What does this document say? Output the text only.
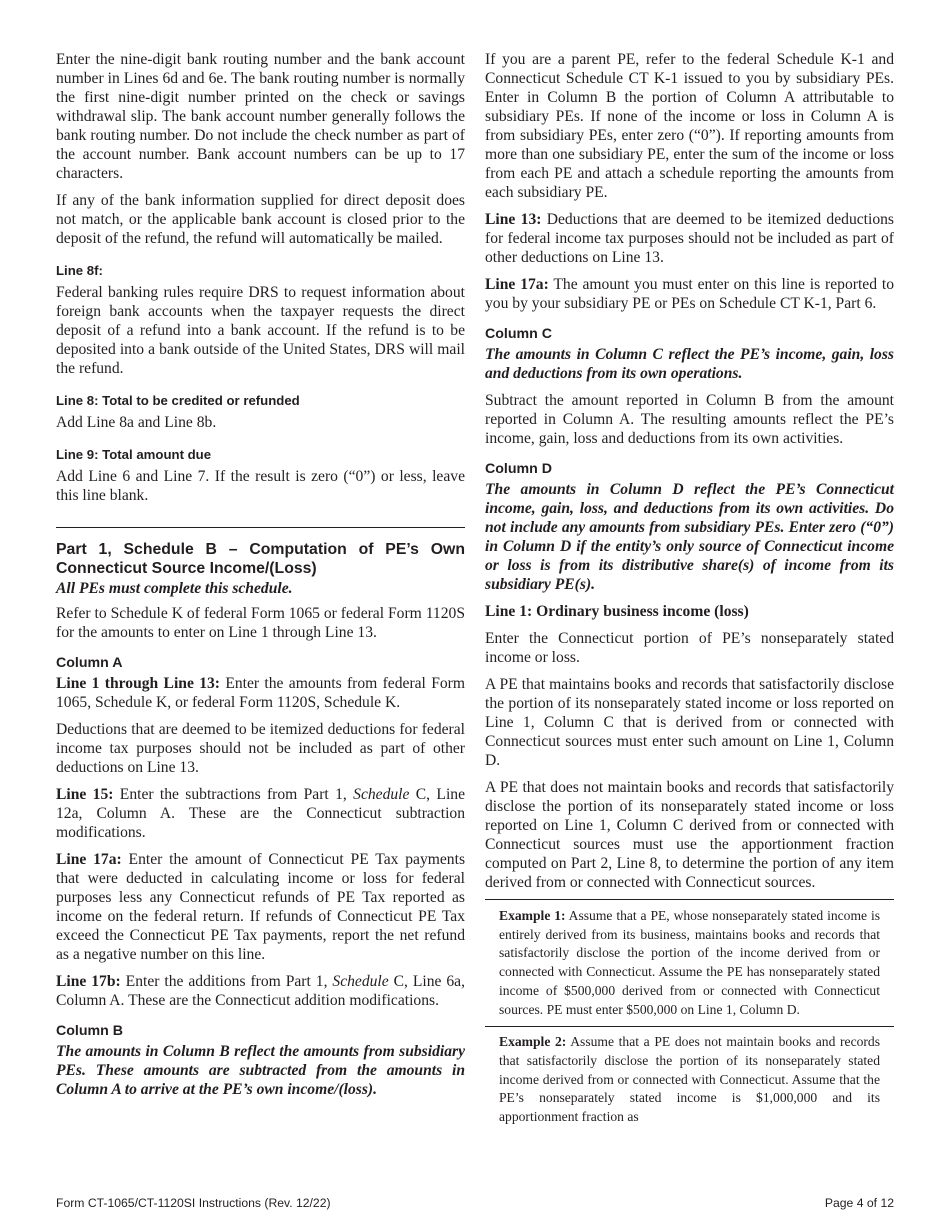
Enter the nine-digit bank routing number and the bank account number in Lines 6d and 6e. The bank routing number is normally the first nine-digit number printed on the check or savings withdrawal slip. The bank account number generally follows the bank routing number. Do not include the check number as part of the account number. Bank account numbers can be up to 17 characters.

If any of the bank information supplied for direct deposit does not match, or the applicable bank account is closed prior to the deposit of the refund, the refund will automatically be mailed.

Line 8f:

Federal banking rules require DRS to request information about foreign bank accounts when the taxpayer requests the direct deposit of a refund into a bank account. If the refund is to be deposited into a bank outside of the United States, DRS will mail the refund.

Line 8: Total to be credited or refunded

Add Line 8a and Line 8b.

Line 9: Total amount due

Add Line 6 and Line 7. If the result is zero (“0”) or less, leave this line blank.

Part 1, Schedule B – Computation of PE’s Own Connecticut Source Income/(Loss)

All PEs must complete this schedule.

Refer to Schedule K of federal Form 1065 or federal Form 1120S for the amounts to enter on Line 1 through Line 13.

Column A

Line 1 through Line 13: Enter the amounts from federal Form 1065, Schedule K, or federal Form 1120S, Schedule K.

Deductions that are deemed to be itemized deductions for federal income tax purposes should not be included as part of other deductions on Line 13.

Line 15: Enter the subtractions from Part 1, Schedule C, Line 12a, Column A. These are the Connecticut subtraction modifications.

Line 17a: Enter the amount of Connecticut PE Tax payments that were deducted in calculating income or loss for federal purposes less any Connecticut refunds of PE Tax reported as income on the federal return. If refunds of Connecticut PE Tax exceed the Connecticut PE Tax payments, report the net refund as a negative number on this line.

Line 17b: Enter the additions from Part 1, Schedule C, Line 6a, Column A. These are the Connecticut addition modifications.

Column B

The amounts in Column B reflect the amounts from subsidiary PEs. These amounts are subtracted from the amounts in Column A to arrive at the PE’s own income/(loss).

If you are a parent PE, refer to the federal Schedule K-1 and Connecticut Schedule CT K-1 issued to you by subsidiary PEs. Enter in Column B the portion of Column A attributable to subsidiary PEs. If none of the income or loss in Column A is from subsidiary PEs, enter zero (“0”). If reporting amounts from more than one subsidiary PE, enter the sum of the income or loss from each PE and attach a schedule reporting the amounts from each subsidiary PE.

Line 13: Deductions that are deemed to be itemized deductions for federal income tax purposes should not be included as part of other deductions on Line 13.

Line 17a: The amount you must enter on this line is reported to you by your subsidiary PE or PEs on Schedule CT K-1, Part 6.

Column C

The amounts in Column C reflect the PE’s income, gain, loss and deductions from its own operations.

Subtract the amount reported in Column B from the amount reported in Column A. The resulting amounts reflect the PE’s income, gain, loss and deductions from its own activities.

Column D

The amounts in Column D reflect the PE’s Connecticut income, gain, loss, and deductions from its own activities. Do not include any amounts from subsidiary PEs. Enter zero (“0”) in Column D if the entity’s only source of Connecticut income or loss is from its distributive share(s) of income from its subsidiary PE(s).

Line 1: Ordinary business income (loss)

Enter the Connecticut portion of PE’s nonseparately stated income or loss.

A PE that maintains books and records that satisfactorily disclose the portion of its nonseparately stated income or loss reported on Line 1, Column C that is derived from or connected with Connecticut sources must enter such amount on Line 1, Column D.

A PE that does not maintain books and records that satisfactorily disclose the portion of its nonseparately stated income or loss reported on Line 1, Column C derived from or connected with Connecticut sources must use the apportionment fraction computed on Part 2, Line 8, to determine the portion of any item derived from or connected with Connecticut sources.

Example 1: Assume that a PE, whose nonseparately stated income is entirely derived from its business, maintains books and records that satisfactorily disclose the portion of the income derived from or connected with Connecticut. Assume the PE has nonseparately stated income of $500,000 derived from or connected with Connecticut sources. PE must enter $500,000 on Line 1, Column D.

Example 2: Assume that a PE does not maintain books and records that satisfactorily disclose the portion of its nonseparately stated income derived from or connected with Connecticut. Assume that the PE’s nonseparately stated income is $1,000,000 and its apportionment fraction as

Form CT-1065/CT-1120SI Instructions (Rev. 12/22)	Page 4 of 12
